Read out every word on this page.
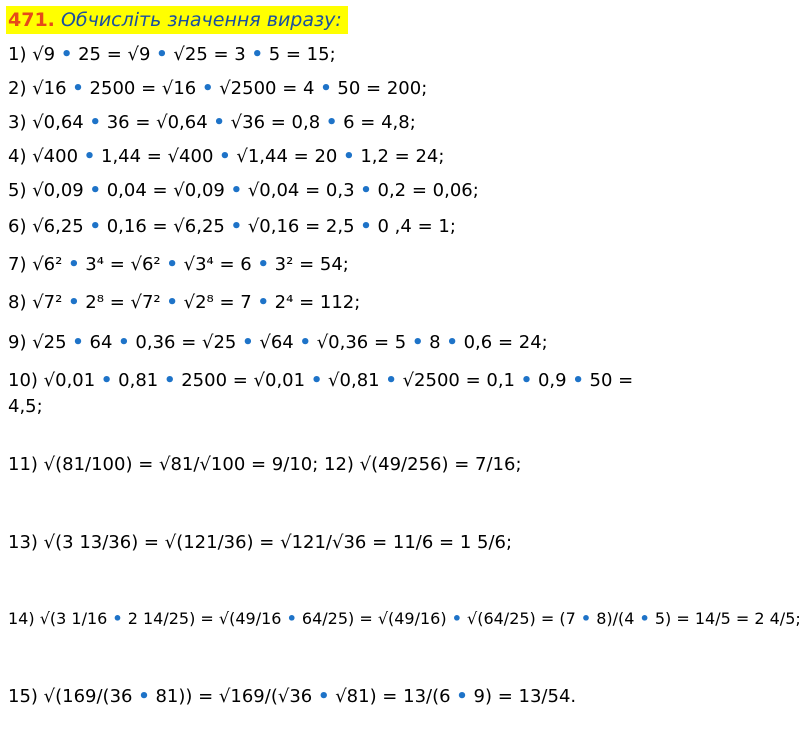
471. Обчисліть значення виразу:
1) √9 • 25 = √9 • √25 = 3 • 5 = 15;
2) √16 • 2500 = √16 • √2500 = 4 • 50 = 200;
3) √0,64 • 36 = √0,64 • √36 = 0,8 • 6 = 4,8;
4) √400 • 1,44 = √400 • √1,44 = 20 • 1,2 = 24;
5) √0,09 • 0,04 = √0,09 • √0,04 = 0,3 • 0,2 = 0,06;
6) √6,25 • 0,16 = √6,25 • √0,16 = 2,5 • 0 ,4 = 1;
7) √6² • 3⁴ = √6² • √3⁴ = 6 • 3² = 54;
8) √7² • 2⁸ = √7² • √2⁸ = 7 • 2⁴ = 112;
9) √25 • 64 • 0,36 = √25 • √64 • √0,36 = 5 • 8 • 0,6 = 24;
10) √0,01 • 0,81 • 2500 = √0,01 • √0,81 • √2500 = 0,1 • 0,9 • 50 =
4,5;
11) √(81/100) = √81/√100 = 9/10; 12) √(49/256) = 7/16;
13) √(3 13/36) = √(121/36) = √121/√36 = 11/6 = 1 5/6;
14) √(3 1/16 • 2 14/25) = √(49/16 • 64/25) = √(49/16) • √(64/25) = (7 • 8)/(4 • 5) = 14/5 = 2 4/5;
15) √(169/(36 • 81)) = √169/(√36 • √81) = 13/(6 • 9) = 13/54.
